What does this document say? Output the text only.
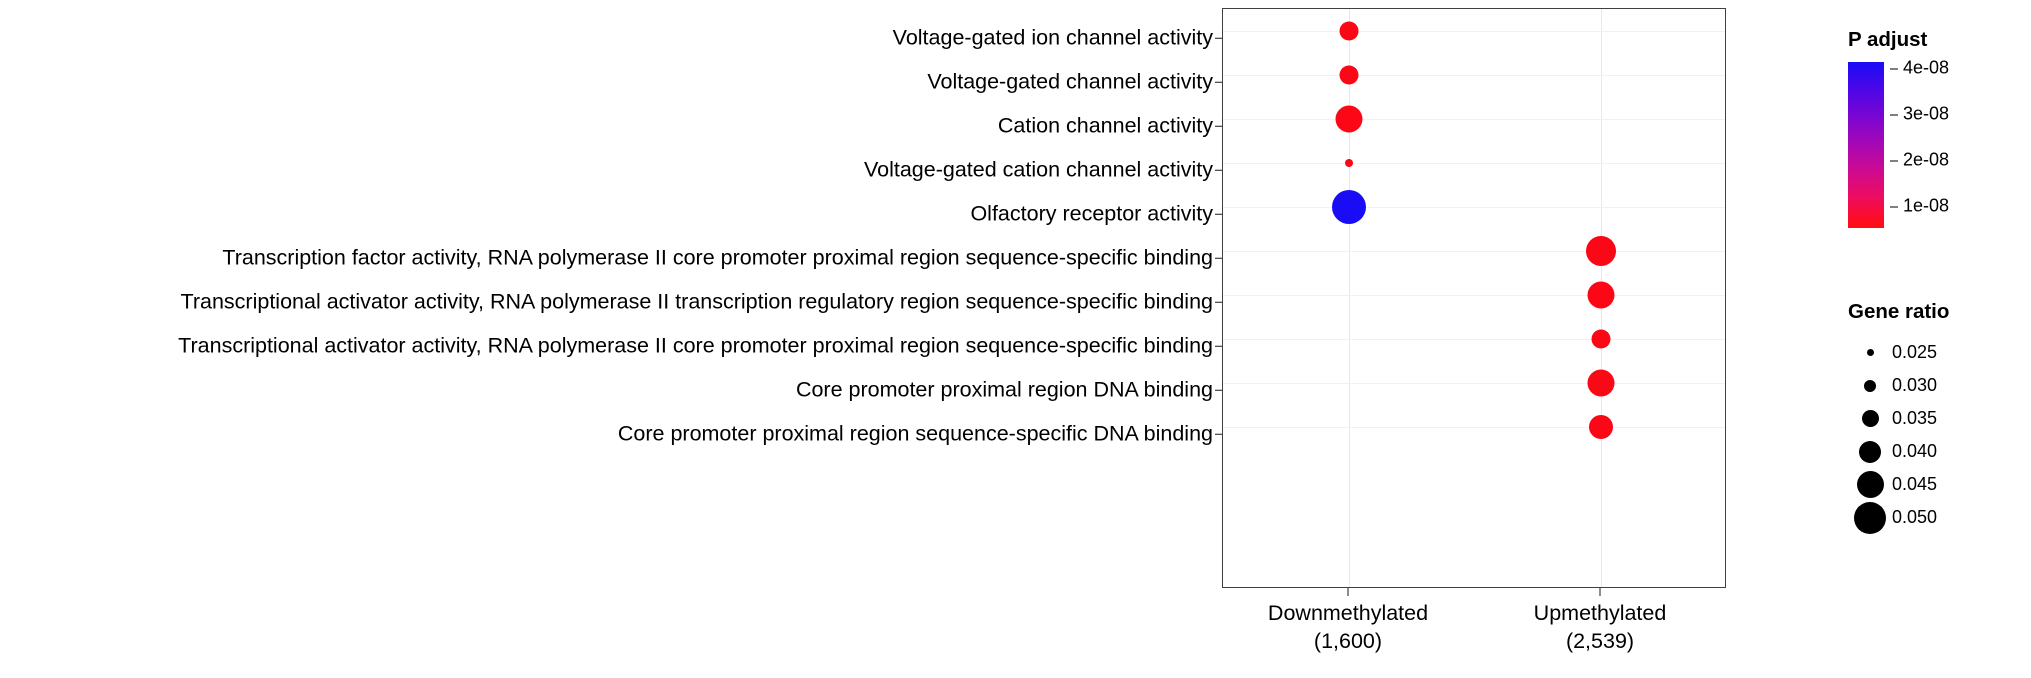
Voltage-gated ion channel activity
Voltage-gated channel activity
Cation channel activity
Voltage-gated cation channel activity
Olfactory receptor activity
Transcription factor activity, RNA polymerase II core promoter proximal region sequence-specific binding
Transcriptional activator activity, RNA polymerase II transcription regulatory region sequence-specific binding
Transcriptional activator activity, RNA polymerase II core promoter proximal region sequence-specific binding
Core promoter proximal region DNA binding
Core promoter proximal region sequence-specific DNA binding
Downmethylated
(1,600)
Upmethylated
(2,539)
P adjust
4e-08
3e-08
2e-08
1e-08
Gene ratio
0.025
0.030
0.035
0.040
0.045
0.050
